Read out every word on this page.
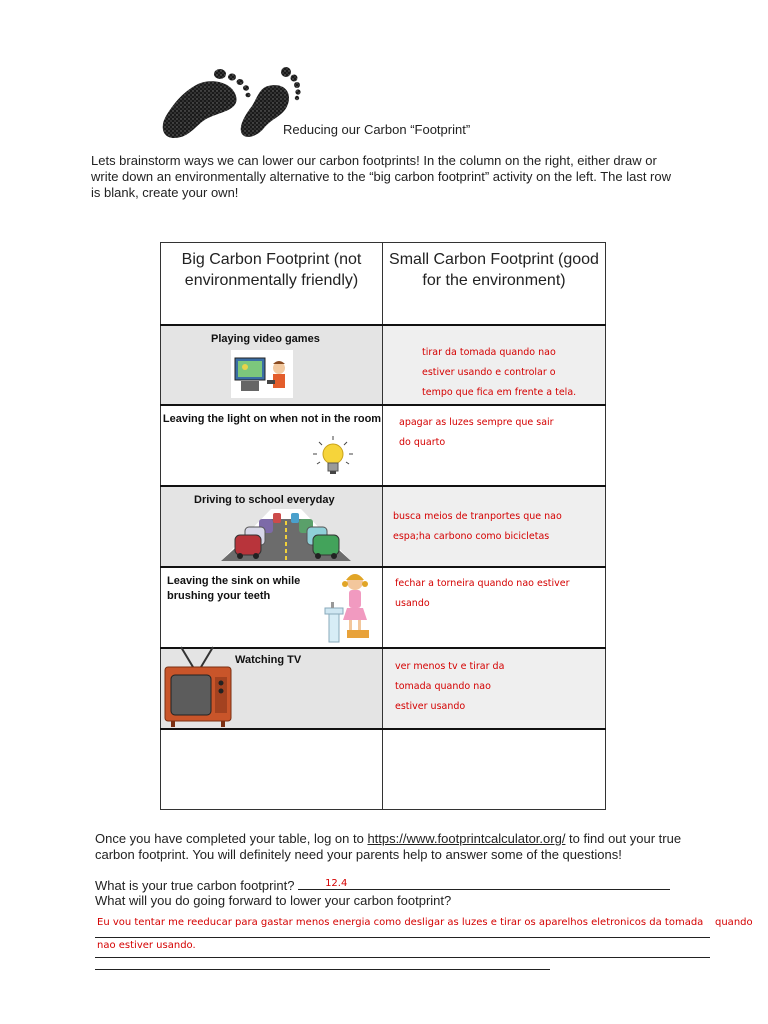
Reducing our Carbon “Footprint”
Lets brainstorm ways we can lower our carbon footprints! In the column on the right, either draw or write down an environmentally alternative to the “big carbon footprint” activity on the left. The last row is blank, create your own!
Big Carbon Footprint (not environmentally friendly)	Small Carbon Footprint (good for the environment)

Playing video games	tirar da tomada quando nao
estiver usando e controlar o
tempo que fica em frente a tela.

Leaving the light on when not in the room	apagar as luzes sempre que sair
do quarto

Driving to school everyday	busca meios de tranportes que nao
espa;ha carbono como bicicletas

Leaving the sink on while brushing your teeth	fechar a torneira quando nao estiver
usando

Watching TV	ver menos tv e tirar da
tomada quando nao
estiver usando

Once you have completed your table, log on to https://www.footprintcalculator.org/ to find out your true carbon footprint. You will definitely need your parents help to answer some of the questions!
What is your true carbon footprint?	12.4
What will you do going forward to lower your carbon footprint?
Eu vou tentar me reeducar para gastar menos energia como desligar as luzes e tirar os aparelhos eletronicos da tomada quando
nao estiver usando.
